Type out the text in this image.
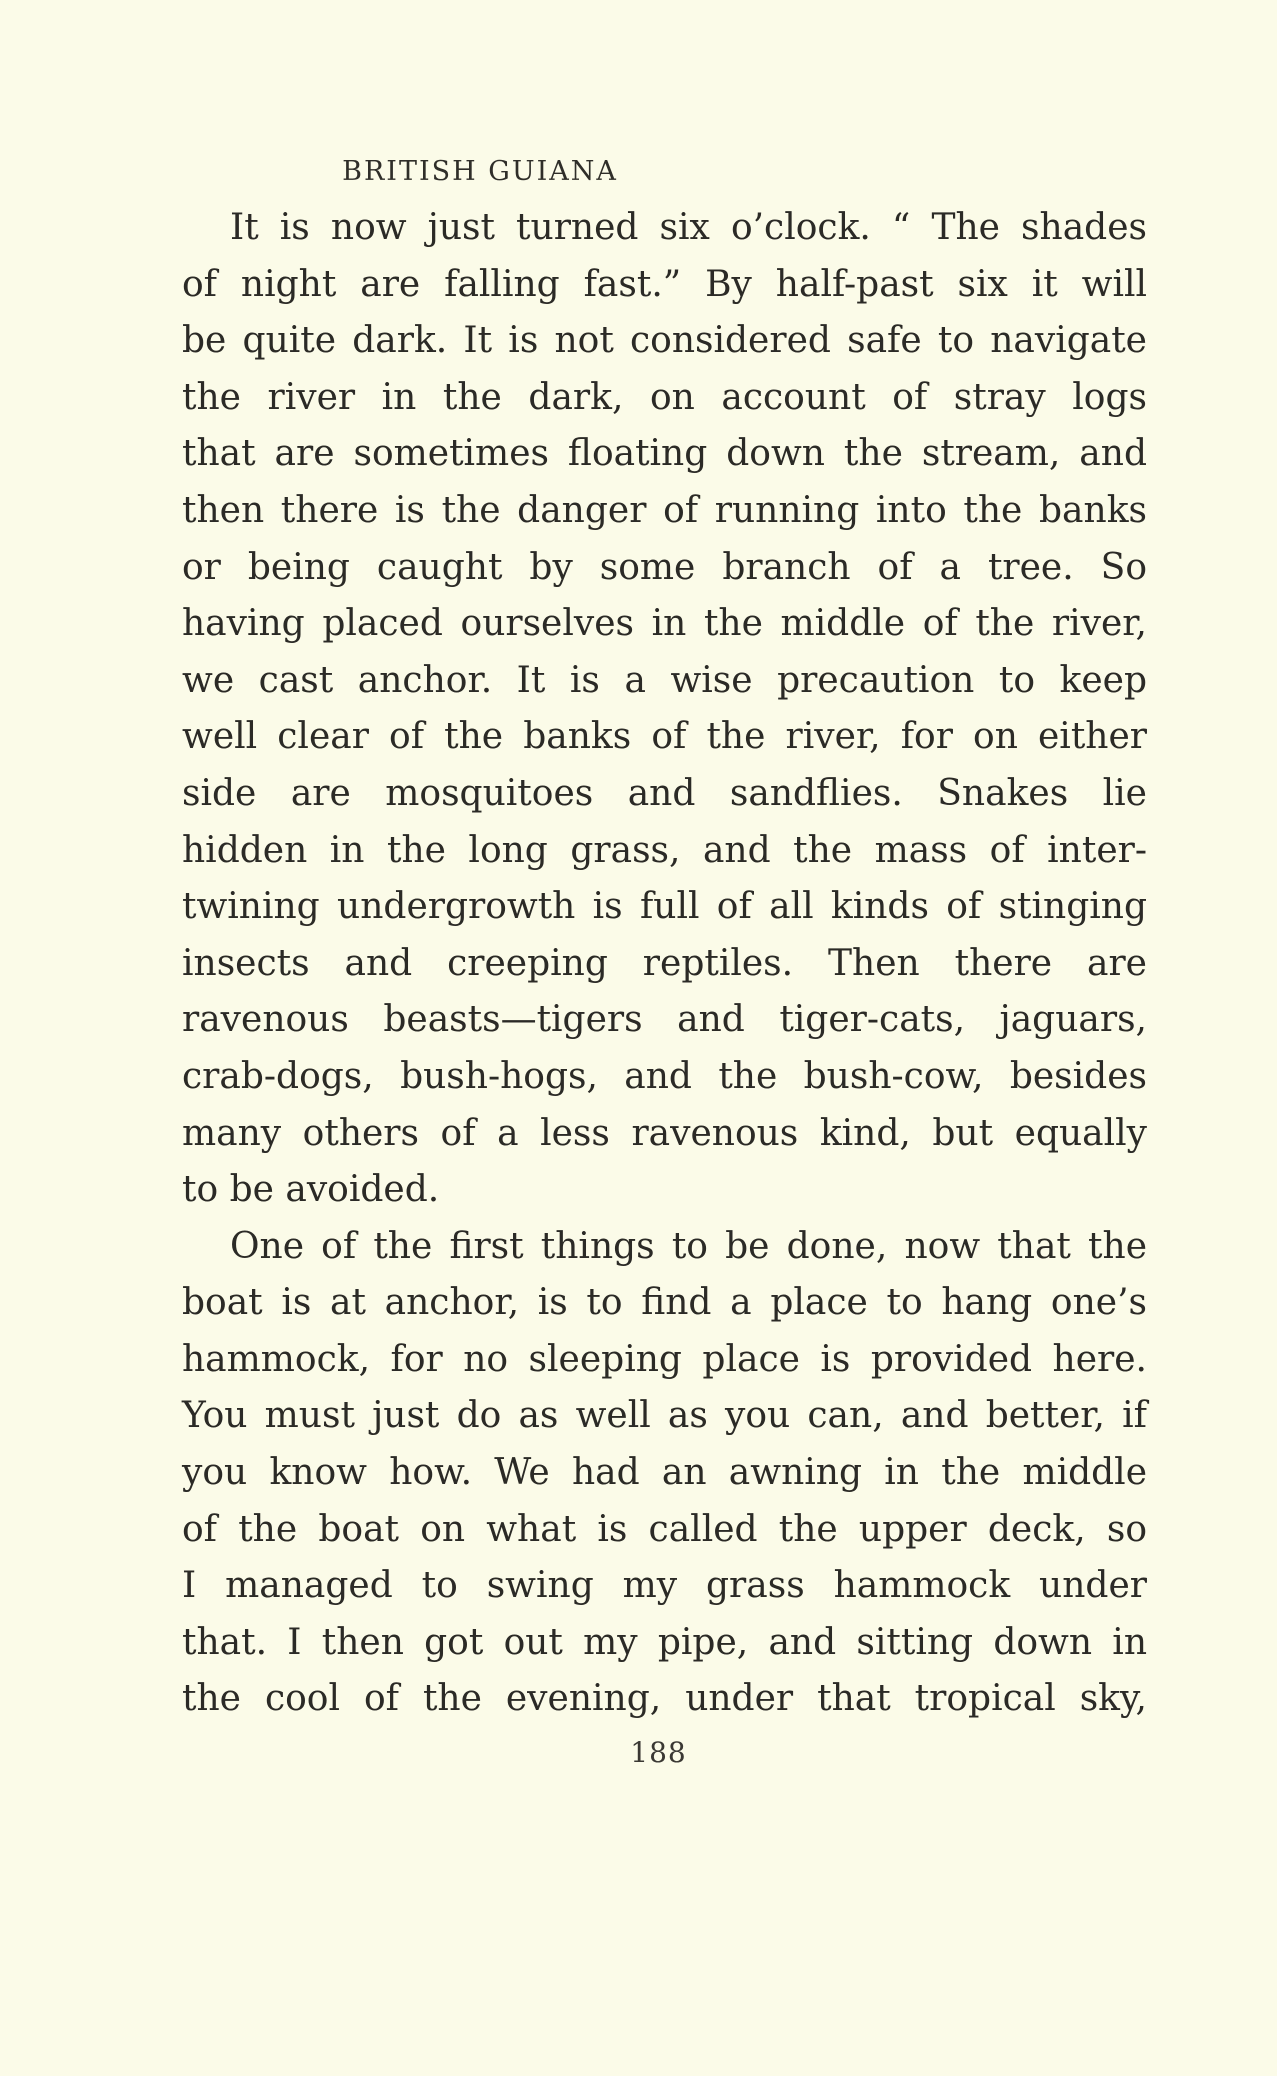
BRITISH GUIANA
It is now just turned six o’clock. “ The shades
of night are falling fast.” By half-past six it will
be quite dark. It is not considered safe to navigate
the river in the dark, on account of stray logs
that are sometimes floating down the stream, and
then there is the danger of running into the banks
or being caught by some branch of a tree. So
having placed ourselves in the middle of the river,
we cast anchor. It is a wise precaution to keep
well clear of the banks of the river, for on either
side are mosquitoes and sandflies. Snakes lie
hidden in the long grass, and the mass of inter-
twining undergrowth is full of all kinds of stinging
insects and creeping reptiles. Then there are
ravenous beasts—tigers and tiger-cats, jaguars,
crab-dogs, bush-hogs, and the bush-cow, besides
many others of a less ravenous kind, but equally
to be avoided.
One of the first things to be done, now that the
boat is at anchor, is to find a place to hang one’s
hammock, for no sleeping place is provided here.
You must just do as well as you can, and better, if
you know how. We had an awning in the middle
of the boat on what is called the upper deck, so
I managed to swing my grass hammock under
that. I then got out my pipe, and sitting down in
the cool of the evening, under that tropical sky,
188
